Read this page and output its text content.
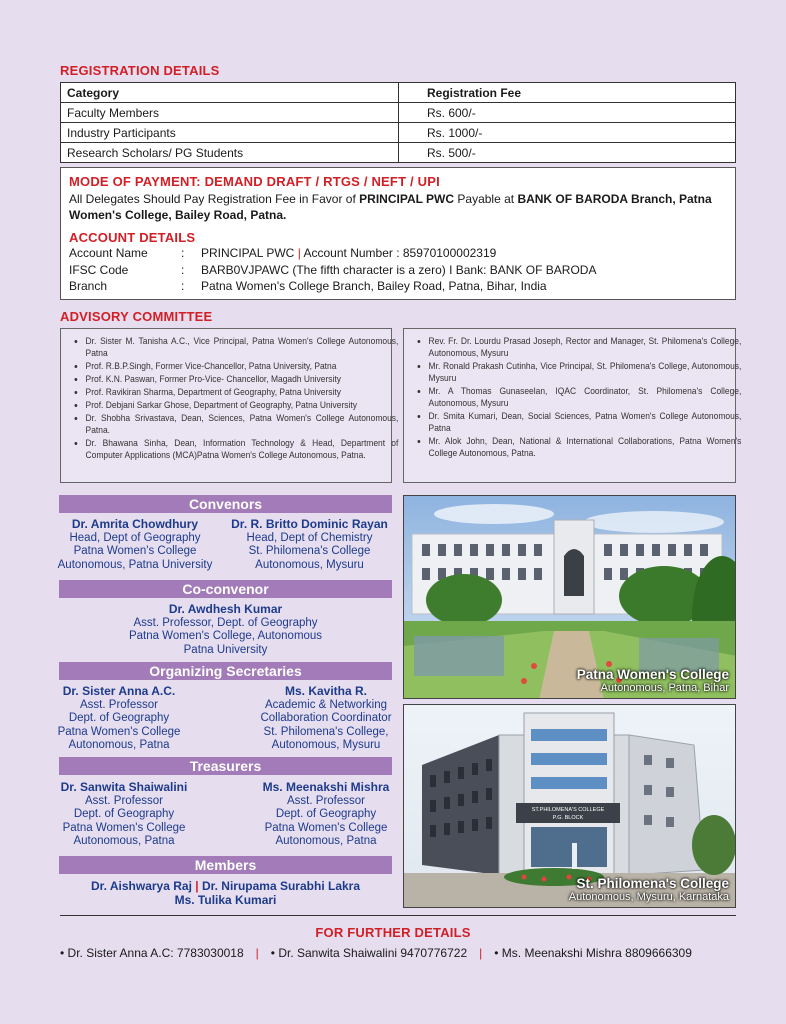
REGISTRATION DETAILS
Category	Registration Fee
Faculty Members	Rs. 600/-
Industry Participants	Rs. 1000/-
Research Scholars/ PG Students	Rs. 500/-
MODE OF PAYMENT: DEMAND DRAFT / RTGS / NEFT / UPI
All Delegates Should Pay Registration Fee in Favor of PRINCIPAL PWC Payable at BANK OF BARODA Branch, Patna Women's College, Bailey Road, Patna.
ACCOUNT DETAILS
Account Name	:	PRINCIPAL PWC | Account Number : 85970100002319
IFSC Code	:	BARB0VJPAWC (The fifth character is a zero) I Bank: BANK OF BARODA
Branch	:	Patna Women's College Branch, Bailey Road, Patna, Bihar, India
ADVISORY COMMITTEE
• Dr. Sister M. Tanisha A.C., Vice Principal, Patna Women's College Autonomous, Patna
• Prof. R.B.P.Singh, Former Vice-Chancellor, Patna University, Patna
• Prof. K.N. Paswan, Former Pro-Vice- Chancellor, Magadh University
• Prof. Ravikiran Sharma, Department of Geography, Patna University
• Prof. Debjani Sarkar Ghose, Department of Geography, Patna University
• Dr. Shobha Srivastava, Dean, Sciences, Patna Women's College Autonomous, Patna.
• Dr. Bhawana Sinha, Dean, Information Technology & Head, Department of Computer Applications (MCA)Patna Women's College Autonomous, Patna.
• Rev. Fr. Dr. Lourdu Prasad Joseph, Rector and Manager, St. Philomena's College, Autonomous, Mysuru
• Mr. Ronald Prakash Cutinha, Vice Principal, St. Philomena's College, Autonomous, Mysuru
• Mr. A Thomas Gunaseelan, IQAC Coordinator, St. Philomena's College, Autonomous, Mysuru
• Dr. Smita Kumari, Dean, Social Sciences, Patna Women's College Autonomous, Patna
• Mr. Alok John, Dean, National & International Collaborations, Patna Women's College Autonomous, Patna.
Convenors
Dr. Amrita Chowdhury
Head, Dept of Geography
Patna Women's College
Autonomous, Patna University
Dr. R. Britto Dominic Rayan
Head, Dept of Chemistry
St. Philomena's College
Autonomous, Mysuru
Co-convenor
Dr. Awdhesh Kumar
Asst. Professor, Dept. of Geography
Patna Women's College, Autonomous
Patna University
Organizing Secretaries
Dr. Sister Anna A.C.
Asst. Professor
Dept. of Geography
Patna Women's College
Autonomous, Patna
Ms. Kavitha R.
Academic & Networking
Collaboration Coordinator
St. Philomena's College,
Autonomous, Mysuru
Treasurers
Dr. Sanwita Shaiwalini
Asst. Professor
Dept. of Geography
Patna Women's College
Autonomous, Patna
Ms. Meenakshi Mishra
Asst. Professor
Dept. of Geography
Patna Women's College
Autonomous, Patna
Members
Dr. Aishwarya Raj | Dr. Nirupama Surabhi Lakra
Ms. Tulika Kumari
Patna Women's College
Autonomous, Patna, Bihar
ST.PHILOMENA'S COLLEGE
P.G. BLOCK
St. Philomena's College
Autonomous, Mysuru, Karnataka
FOR FURTHER DETAILS
• Dr. Sister Anna A.C: 7783030018 | • Dr. Sanwita Shaiwalini 9470776722 | • Ms. Meenakshi Mishra 8809666309
